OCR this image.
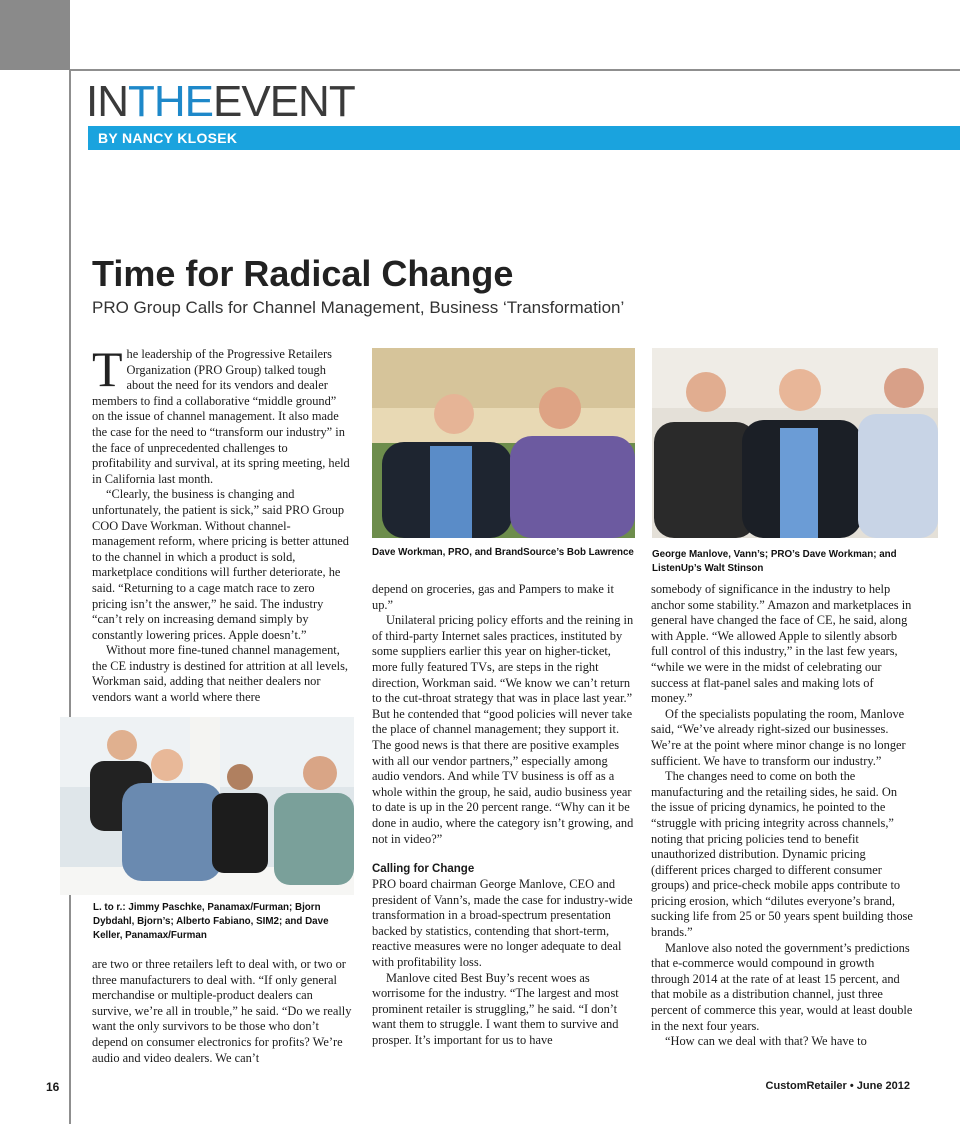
INTHEEVENT
BY NANCY KLOSEK
Time for Radical Change
PRO Group Calls for Channel Management, Business ‘Transformation’

The leadership of the Progressive Retailers Organization (PRO Group) talked tough about the need for its vendors and dealer members to find a collaborative “middle ground” on the issue of channel management. It also made the case for the need to “transform our industry” in the face of unprecedented challenges to profitability and survival, at its spring meeting, held in California last month.

“Clearly, the business is changing and unfortunately, the patient is sick,” said PRO Group COO Dave Workman. Without channel-management reform, where pricing is better attuned to the channel in which a product is sold, marketplace conditions will further deteriorate, he said. “Returning to a cage match race to zero pricing isn’t the answer,” he said. The industry “can’t rely on increasing demand simply by constantly lowering prices. Apple doesn’t.”

Without more fine-tuned channel management, the CE industry is destined for attrition at all levels, Workman said, adding that neither dealers nor vendors want a world where there

L. to r.: Jimmy Paschke, Panamax/Furman; Bjorn Dybdahl, Bjorn’s; Alberto Fabiano, SIM2; and Dave Keller, Panamax/Furman

are two or three retailers left to deal with, or two or three manufacturers to deal with. “If only general merchandise or multiple-product dealers can survive, we’re all in trouble,” he said. “Do we really want the only survivors to be those who don’t depend on consumer electronics for profits? We’re audio and video dealers. We can’t

Dave Workman, PRO, and BrandSource’s Bob Lawrence

depend on groceries, gas and Pampers to make it up.”

Unilateral pricing policy efforts and the reining in of third-party Internet sales practices, instituted by some suppliers earlier this year on higher-ticket, more fully featured TVs, are steps in the right direction, Workman said. “We know we can’t return to the cut-throat strategy that was in place last year.” But he contended that “good policies will never take the place of channel management; they support it. The good news is that there are positive examples with all our vendor partners,” especially among audio vendors. And while TV business is off as a whole within the group, he said, audio business year to date is up in the 20 percent range. “Why can it be done in audio, where the category isn’t growing, and not in video?”

Calling for Change

PRO board chairman George Manlove, CEO and president of Vann’s, made the case for industry-wide transformation in a broad-spectrum presentation backed by statistics, contending that short-term, reactive measures were no longer adequate to deal with profitability loss.

Manlove cited Best Buy’s recent woes as worrisome for the industry. “The largest and most prominent retailer is struggling,” he said. “I don’t want them to struggle. I want them to survive and prosper. It’s important for us to have

George Manlove, Vann’s; PRO’s Dave Workman; and ListenUp’s Walt Stinson

somebody of significance in the industry to help anchor some stability.” Amazon and marketplaces in general have changed the face of CE, he said, along with Apple. “We allowed Apple to silently absorb full control of this industry,” in the last few years, “while we were in the midst of celebrating our success at flat-panel sales and making lots of money.”

Of the specialists populating the room, Manlove said, “We’ve already right-sized our businesses. We’re at the point where minor change is no longer sufficient. We have to transform our industry.”

The changes need to come on both the manufacturing and the retailing sides, he said. On the issue of pricing dynamics, he pointed to the “struggle with pricing integrity across channels,” noting that pricing policies tend to benefit unauthorized distribution. Dynamic pricing (different prices charged to different consumer groups) and price-check mobile apps contribute to pricing erosion, which “dilutes everyone’s brand, sucking life from 25 or 50 years spent building those brands.”

Manlove also noted the government’s predictions that e-commerce would compound in growth through 2014 at the rate of at least 15 percent, and that mobile as a distribution channel, just three percent of commerce this year, would at least double in the next four years.

“How can we deal with that? We have to

16	CustomRetailer • June 2012
